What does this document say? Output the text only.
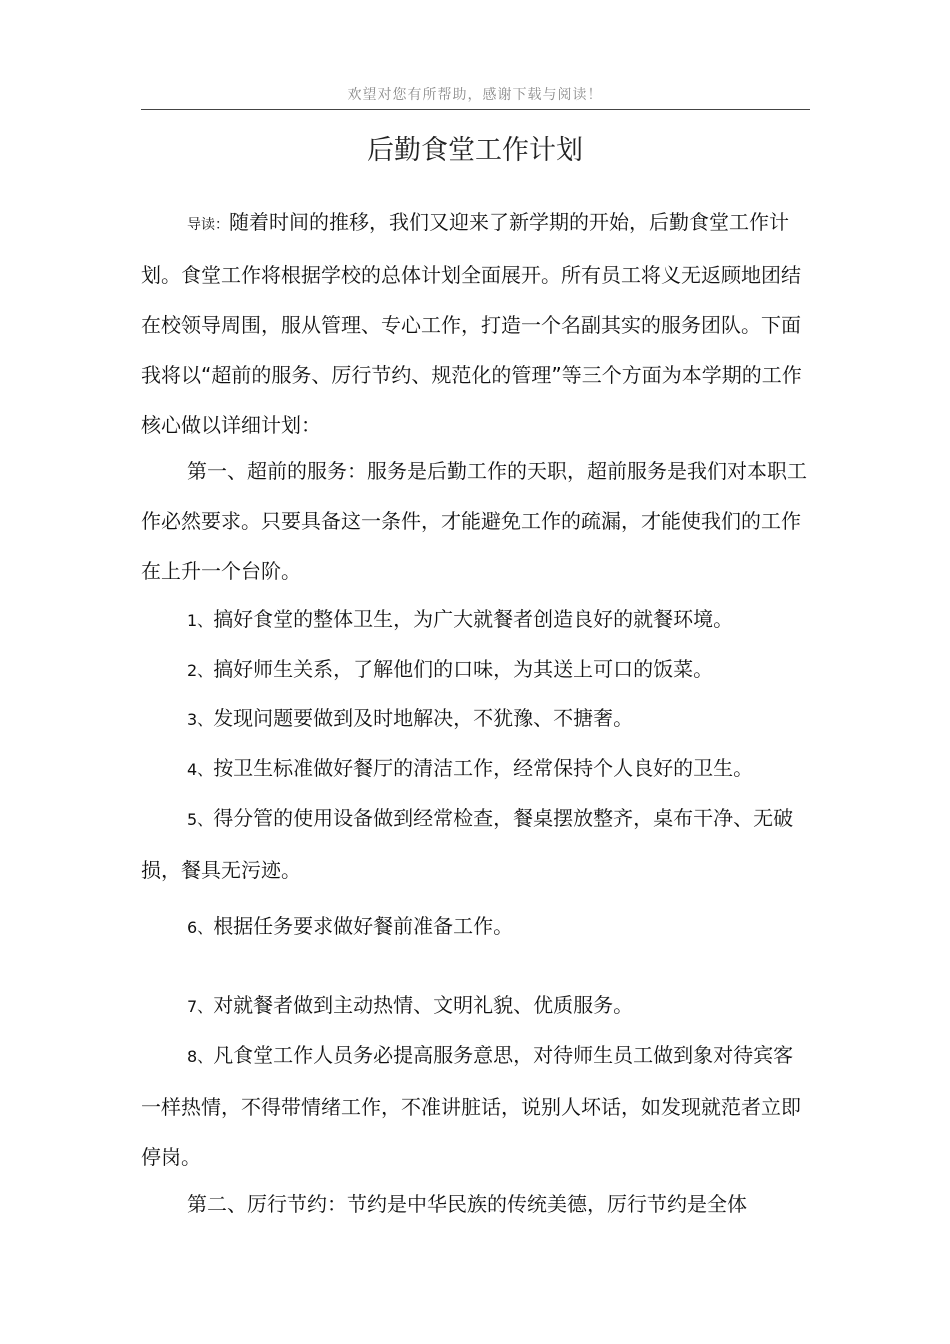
欢望对您有所帮助，感谢下载与阅读！
后勤食堂工作计划

导读：随着时间的推移，我们又迎来了新学期的开始，后勤食堂工作计划。食堂工作将根据学校的总体计划全面展开。所有员工将义无返顾地团结在校领导周围，服从管理、专心工作，打造一个名副其实的服务团队。下面我将以“超前的服务、厉行节约、规范化的管理”等三个方面为本学期的工作核心做以详细计划：

第一、超前的服务：服务是后勤工作的天职，超前服务是我们对本职工作必然要求。只要具备这一条件，才能避免工作的疏漏，才能使我们的工作在上升一个台阶。

1、搞好食堂的整体卫生，为广大就餐者创造良好的就餐环境。

2、搞好师生关系，了解他们的口味，为其送上可口的饭菜。

3、发现问题要做到及时地解决，不犹豫、不搪奢。

4、按卫生标准做好餐厅的清洁工作，经常保持个人良好的卫生。

5、得分管的使用设备做到经常检查，餐桌摆放整齐，桌布干净、无破损，餐具无污迹。

6、根据任务要求做好餐前准备工作。

7、对就餐者做到主动热情、文明礼貌、优质服务。

8、凡食堂工作人员务必提高服务意思，对待师生员工做到象对待宾客一样热情，不得带情绪工作，不准讲脏话，说别人坏话，如发现就范者立即停岗。

第二、厉行节约：节约是中华民族的传统美德，厉行节约是全体
